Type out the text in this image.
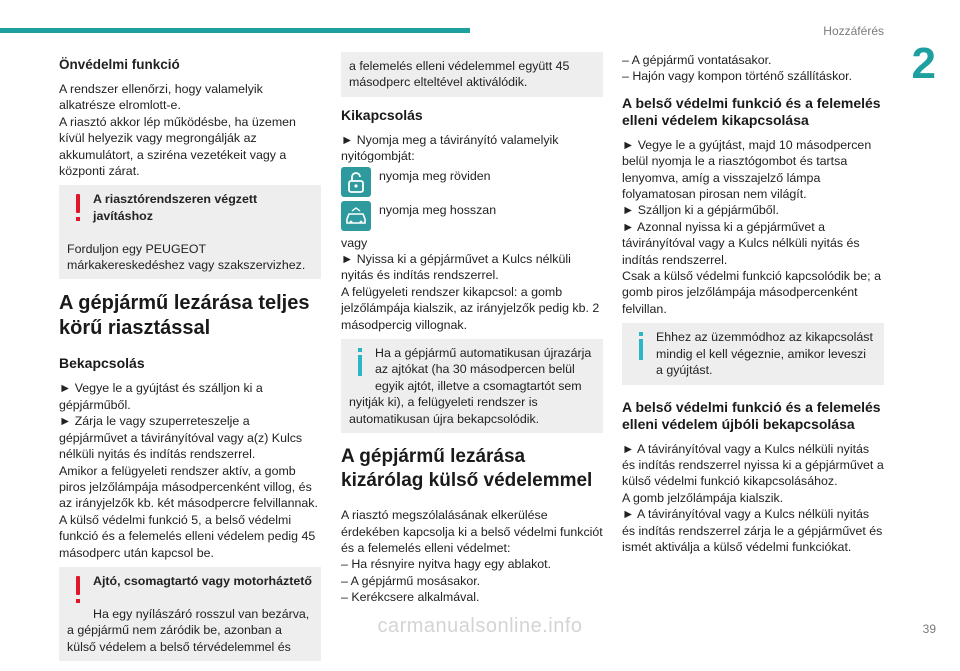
Hozzáférés
2
Önvédelmi funkció

A rendszer ellenőrzi, hogy valamelyik alkatrésze elromlott-e.
A riasztó akkor lép működésbe, ha üzemen kívül helyezik vagy megrongálják az akkumulátort, a sziréna vezetékeit vagy a központi zárat.

A riasztórendszeren végzett javításhoz

Forduljon egy PEUGEOT márkakereskedéshez vagy szakszervizhez.

A gépjármű lezárása teljes körű riasztással
Bekapcsolás

► Vegye le a gyújtást és szálljon ki a gépjárműből.
► Zárja le vagy szuperreteszelje a gépjárművet a távirányítóval vagy a(z) Kulcs nélküli nyitás és indítás rendszerrel.
Amikor a felügyeleti rendszer aktív, a gomb piros jelzőlámpája másodpercenként villog, és az irányjelzők kb. két másodpercre felvillannak.
A külső védelmi funkció 5, a belső védelmi funkció és a felemelés elleni védelem pedig 45 másodperc után kapcsol be.

Ajtó, csomagtartó vagy motorháztető

Ha egy nyílászáró rosszul van bezárva, a gépjármű nem záródik be, azonban a külső védelem a belső térvédelemmel és

a felemelés elleni védelemmel együtt 45 másodperc elteltével aktiválódik.

Kikapcsolás

► Nyomja meg a távirányító valamelyik nyitógombját:

nyomja meg röviden
nyomja meg hosszan

vagy
► Nyissa ki a gépjárművet a Kulcs nélküli nyitás és indítás rendszerrel.
A felügyeleti rendszer kikapcsol: a gomb jelzőlámpája kialszik, az irányjelzők pedig kb. 2 másodpercig villognak.

Ha a gépjármű automatikusan újrazárja az ajtókat (ha 30 másodpercen belül egyik ajtót, illetve a csomagtartót sem nyitják ki), a felügyeleti rendszer is automatikusan újra bekapcsolódik.

A gépjármű lezárása kizárólag külső védelemmel

A riasztó megszólalásának elkerülése érdekében kapcsolja ki a belső védelmi funkciót és a felemelés elleni védelmet:
– Ha résnyire nyitva hagy egy ablakot.
– A gépjármű mosásakor.
– Kerékcsere alkalmával.

– A gépjármű vontatásakor.
– Hajón vagy kompon történő szállításkor.

A belső védelmi funkció és a felemelés elleni védelem kikapcsolása

► Vegye le a gyújtást, majd 10 másodpercen belül nyomja le a riasztógombot és tartsa lenyomva, amíg a visszajelző lámpa folyamatosan pirosan nem világít.
► Szálljon ki a gépjárműből.
► Azonnal nyissa ki a gépjárművet a távirányítóval vagy a Kulcs nélküli nyitás és indítás rendszerrel.
Csak a külső védelmi funkció kapcsolódik be; a gomb piros jelzőlámpája másodpercenként felvillan.

Ehhez az üzemmódhoz az kikapcsolást mindig el kell végeznie, amikor leveszi a gyújtást.

A belső védelmi funkció és a felemelés elleni védelem újbóli bekapcsolása

► A távirányítóval vagy a Kulcs nélküli nyitás és indítás rendszerrel nyissa ki a gépjárművet a külső védelmi funkció kikapcsolásához.
A gomb jelzőlámpája kialszik.
► A távirányítóval vagy a Kulcs nélküli nyitás és indítás rendszerrel zárja le a gépjárművet és ismét aktiválja a külső védelmi funkciókat.

carmanualsonline.info	39
